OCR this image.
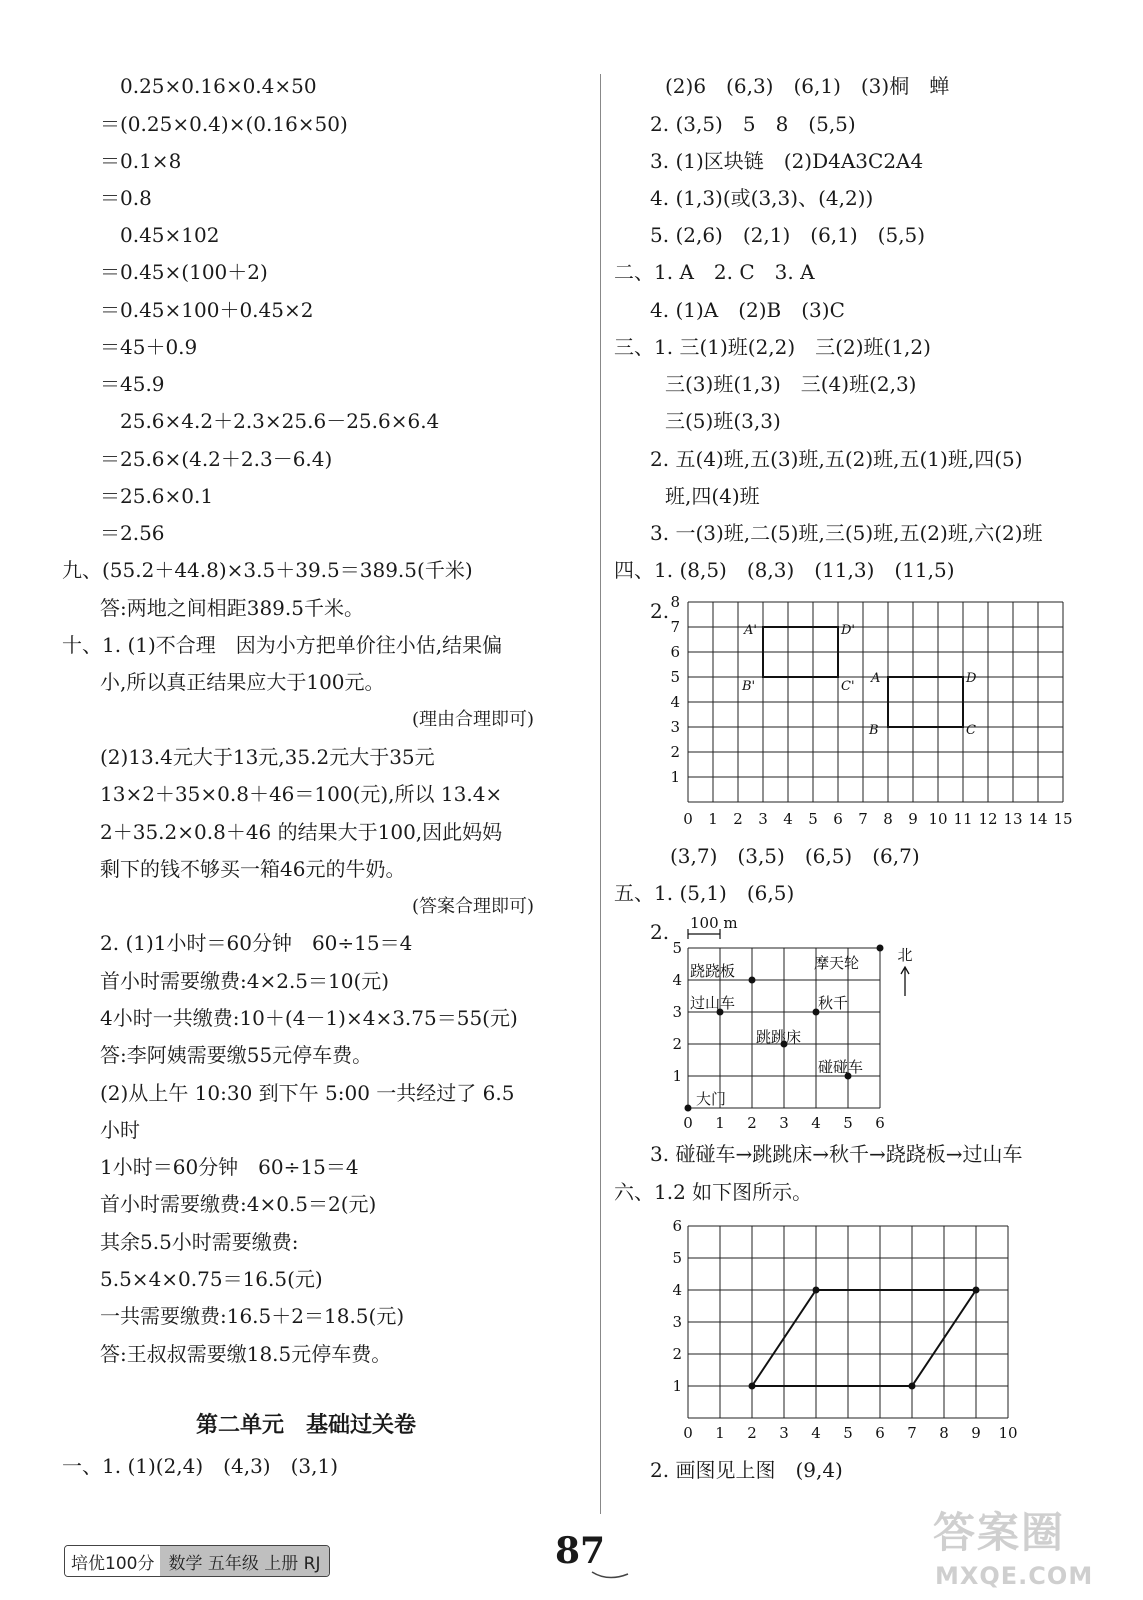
0.25×0.16×0.4×50
＝(0.25×0.4)×(0.16×50)
＝0.1×8
＝0.8
0.45×102
＝0.45×(100＋2)
＝0.45×100＋0.45×2
＝45＋0.9
＝45.9
25.6×4.2＋2.3×25.6－25.6×6.4
＝25.6×(4.2＋2.3－6.4)
＝25.6×0.1
＝2.56
九、(55.2＋44.8)×3.5＋39.5＝389.5(千米)
答:两地之间相距389.5千米。
十、1. (1)不合理　因为小方把单价往小估,结果偏
小,所以真正结果应大于100元。
(理由合理即可)
(2)13.4元大于13元,35.2元大于35元
13×2＋35×0.8＋46＝100(元),所以 13.4×
2＋35.2×0.8＋46 的结果大于100,因此妈妈
剩下的钱不够买一箱46元的牛奶。
(答案合理即可)
2. (1)1小时＝60分钟　60÷15＝4
首小时需要缴费:4×2.5＝10(元)
4小时一共缴费:10＋(4－1)×4×3.75＝55(元)
答:李阿姨需要缴55元停车费。
(2)从上午 10:30 到下午 5:00 一共经过了 6.5
小时
1小时＝60分钟　60÷15＝4
首小时需要缴费:4×0.5＝2(元)
其余5.5小时需要缴费:
5.5×4×0.75＝16.5(元)
一共需要缴费:16.5＋2＝18.5(元)
答:王叔叔需要缴18.5元停车费。
第二单元　基础过关卷
一、1. (1)(2,4)　(4,3)　(3,1)
(2)6　(6,3)　(6,1)　(3)桐　蝉
2. (3,5)　5　8　(5,5)
3. (1)区块链　(2)D4A3C2A4
4. (1,3)(或(3,3)、(4,2))
5. (2,6)　(2,1)　(6,1)　(5,5)
二、1. A　2. C　3. A
4. (1)A　(2)B　(3)C
三、1. 三(1)班(2,2)　三(2)班(1,2)
三(3)班(1,3)　三(4)班(2,3)
三(5)班(3,3)
2. 五(4)班,五(3)班,五(2)班,五(1)班,四(5)
班,四(4)班
3. 一(3)班,二(5)班,三(5)班,五(2)班,六(2)班
四、1. (8,5)　(8,3)　(11,3)　(11,5)
2.
0 1 2 3 4 5 6 7 8 9 10 11 12 13 14 15
1
2
3
4
5
6
7
8
A'	D'
B'	C'
A	D
B	C
(3,7)　(3,5)　(6,5)　(6,7)
五、1. (5,1)　(6,5)
2. 100 m
跷跷板	摩天轮
过山车	秋千
跳跳床
碰碰车
大门
0 1 2 3 4 5 6
1
2
3
4
5	北
3. 碰碰车→跳跳床→秋千→跷跷板→过山车
六、1.2 如下图所示。
0 1 2 3 4 5 6 7 8 9 10
1
2
3
4
5
6
2. 画图见上图　(9,4)
培优100分 数学 五年级 上册 RJ	87	答案圈
MXQE.COM
